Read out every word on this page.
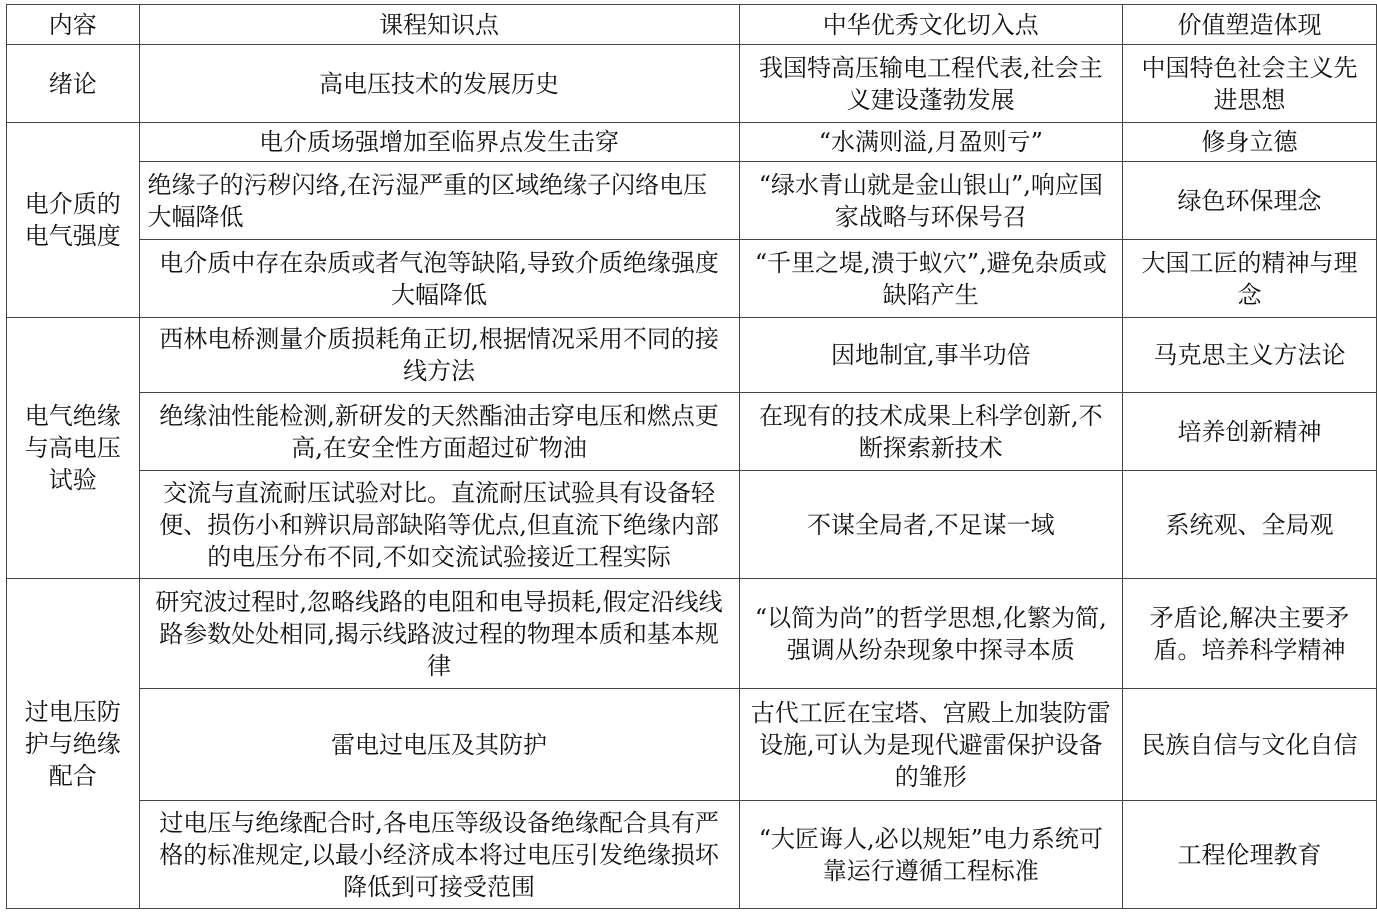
内容	课程知识点	中华优秀文化切入点	价值塑造体现
绪论	高电压技术的发展历史	我国特高压输电工程代表,社会主义建设蓬勃发展	中国特色社会主义先进思想
电介质的电气强度	电介质场强增加至临界点发生击穿	“水满则溢,月盈则亏”	修身立德
	绝缘子的污秽闪络,在污湿严重的区域绝缘子闪络电压大幅降低	“绿水青山就是金山银山”,响应国家战略与环保号召	绿色环保理念
	电介质中存在杂质或者气泡等缺陷,导致介质绝缘强度大幅降低	“千里之堤,溃于蚁穴”,避免杂质或缺陷产生	大国工匠的精神与理念
电气绝缘与高电压试验	西林电桥测量介质损耗角正切,根据情况采用不同的接线方法	因地制宜,事半功倍	马克思主义方法论
	绝缘油性能检测,新研发的天然酯油击穿电压和燃点更高,在安全性方面超过矿物油	在现有的技术成果上科学创新,不断探索新技术	培养创新精神
	交流与直流耐压试验对比。直流耐压试验具有设备轻便、损伤小和辨识局部缺陷等优点,但直流下绝缘内部的电压分布不同,不如交流试验接近工程实际	不谋全局者,不足谋一域	系统观、全局观
过电压防护与绝缘配合	研究波过程时,忽略线路的电阻和电导损耗,假定沿线线路参数处处相同,揭示线路波过程的物理本质和基本规律	“以简为尚”的哲学思想,化繁为简,强调从纷杂现象中探寻本质	矛盾论,解决主要矛盾。培养科学精神
	雷电过电压及其防护	古代工匠在宝塔、宫殿上加装防雷设施,可认为是现代避雷保护设备的雏形	民族自信与文化自信
	过电压与绝缘配合时,各电压等级设备绝缘配合具有严格的标准规定,以最小经济成本将过电压引发绝缘损坏降低到可接受范围	“大匠诲人,必以规矩”电力系统可靠运行遵循工程标准	工程伦理教育
